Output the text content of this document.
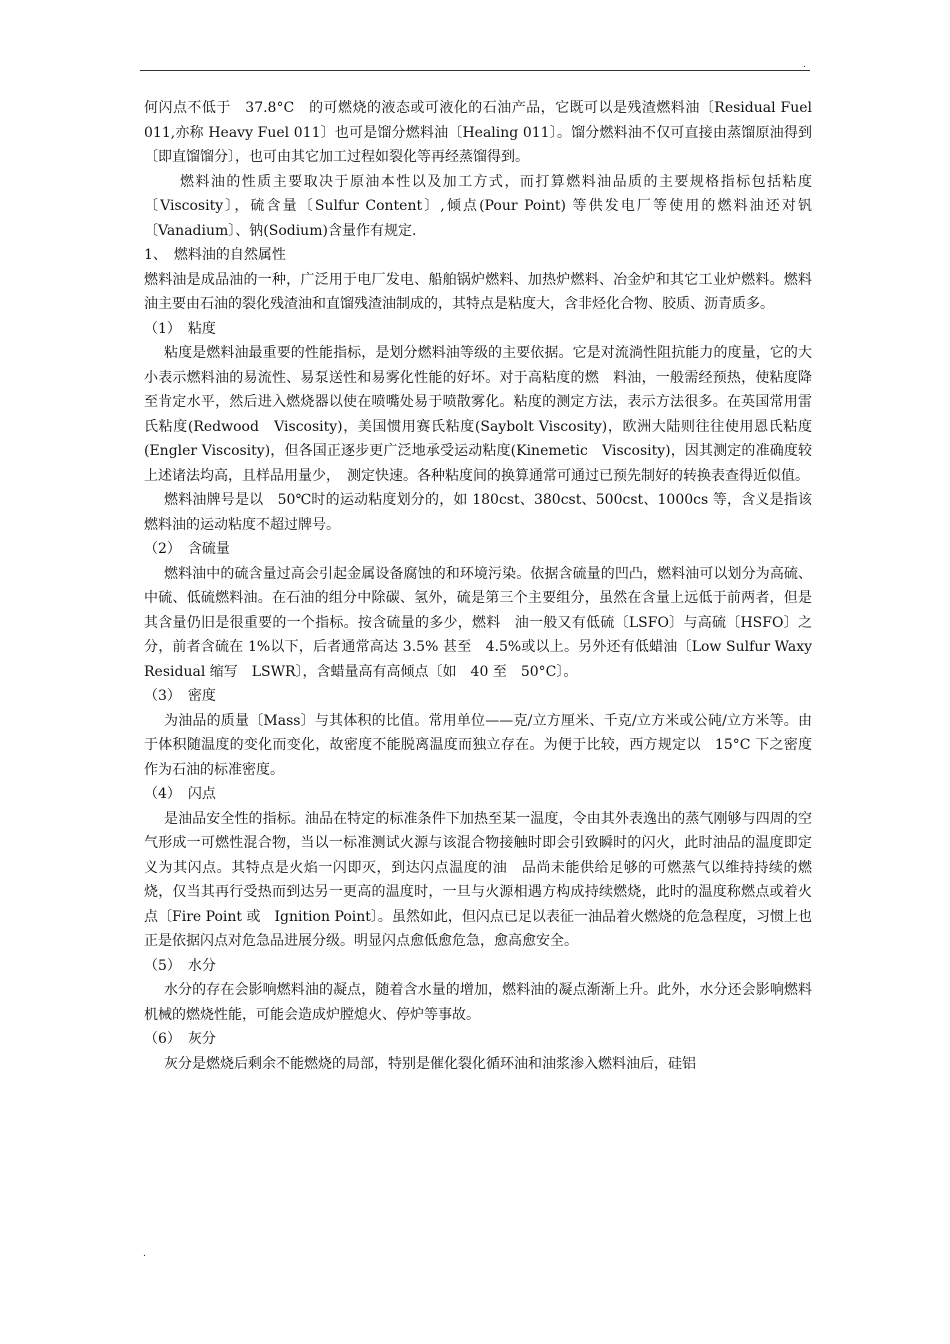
.

何闪点不低于　37.8°C　的可燃烧的液态或可液化的石油产品，它既可以是残渣燃料油〔Residual Fuel 011,亦称 Heavy Fuel 011〕也可是馏分燃料油〔Healing 011〕。馏分燃料油不仅可直接由蒸馏原油得到〔即直馏馏分〕，也可由其它加工过程如裂化等再经蒸馏得到。

燃料油的性质主要取决于原油本性以及加工方式，而打算燃料油品质的主要规格指标包括粘度〔Viscosity〕，硫含量〔Sulfur Content〕,倾点(Pour Point) 等供发电厂等使用的燃料油还对钒〔Vanadium〕、钠(Sodium)含量作有规定.

1、　燃料油的自然属性

燃料油是成品油的一种，广泛用于电厂发电、船舶锅炉燃料、加热炉燃料、冶金炉和其它工业炉燃料。燃料油主要由石油的裂化残渣油和直馏残渣油制成的，其特点是粘度大，含非烃化合物、胶质、沥青质多。

（1）　粘度

粘度是燃料油最重要的性能指标，是划分燃料油等级的主要依据。它是对流淌性阻抗能力的度量，它的大小表示燃料油的易流性、易泵送性和易雾化性能的好坏。对于高粘度的燃　料油，一般需经预热，使粘度降至肯定水平，然后进入燃烧器以使在喷嘴处易于喷散雾化。粘度的测定方法，表示方法很多。在英国常用雷氏粘度(Redwood　Viscosity)，美国惯用赛氏粘度(Saybolt Viscosity)，欧洲大陆则往往使用恩氏粘度(Engler Viscosity)，但各国正逐步更广泛地承受运动粘度(Kinemetic　Viscosity)，因其测定的准确度较上述诸法均高，且样品用量少，　测定快速。各种粘度间的换算通常可通过已预先制好的转换表查得近似值。

燃料油牌号是以　50℃时的运动粘度划分的，如 180cst、380cst、500cst、1000cs 等，含义是指该燃料油的运动粘度不超过牌号。

（2）　含硫量

燃料油中的硫含量过高会引起金属设备腐蚀的和环境污染。依据含硫量的凹凸，燃料油可以划分为高硫、中硫、低硫燃料油。在石油的组分中除碳、氢外，硫是第三个主要组分，虽然在含量上远低于前两者，但是其含量仍旧是很重要的一个指标。按含硫量的多少，燃料　油一般又有低硫〔LSFO〕与高硫〔HSFO〕之分，前者含硫在 1%以下，后者通常高达 3.5% 甚至　4.5%或以上。另外还有低蜡油〔Low Sulfur Waxy Residual 缩写　LSWR〕，含蜡量高有高倾点〔如　40 至　50°C〕。

（3）　密度

为油品的质量〔Mass〕与其体积的比值。常用单位——克/立方厘米、千克/立方米或公砘/立方米等。由于体积随温度的变化而变化，故密度不能脱离温度而独立存在。为便于比较，西方规定以　15°C 下之密度作为石油的标准密度。

（4）　闪点

是油品安全性的指标。油品在特定的标准条件下加热至某一温度，令由其外表逸出的蒸气刚够与四周的空气形成一可燃性混合物，当以一标准测试火源与该混合物接触时即会引致瞬时的闪火，此时油品的温度即定义为其闪点。其特点是火焰一闪即灭，到达闪点温度的油　品尚未能供给足够的可燃蒸气以维持持续的燃烧，仅当其再行受热而到达另一更高的温度时，一旦与火源相遇方构成持续燃烧，此时的温度称燃点或着火点〔Fire Point 或　Ignition Point〕。虽然如此，但闪点已足以表征一油品着火燃烧的危急程度，习惯上也正是依据闪点对危急品进展分级。明显闪点愈低愈危急，愈高愈安全。

（5）　水分

水分的存在会影响燃料油的凝点，随着含水量的增加，燃料油的凝点渐渐上升。此外，水分还会影响燃料机械的燃烧性能，可能会造成炉膛熄火、停炉等事故。

（6）　灰分

灰分是燃烧后剩余不能燃烧的局部，特别是催化裂化循环油和油浆渗入燃料油后，硅铝

.
